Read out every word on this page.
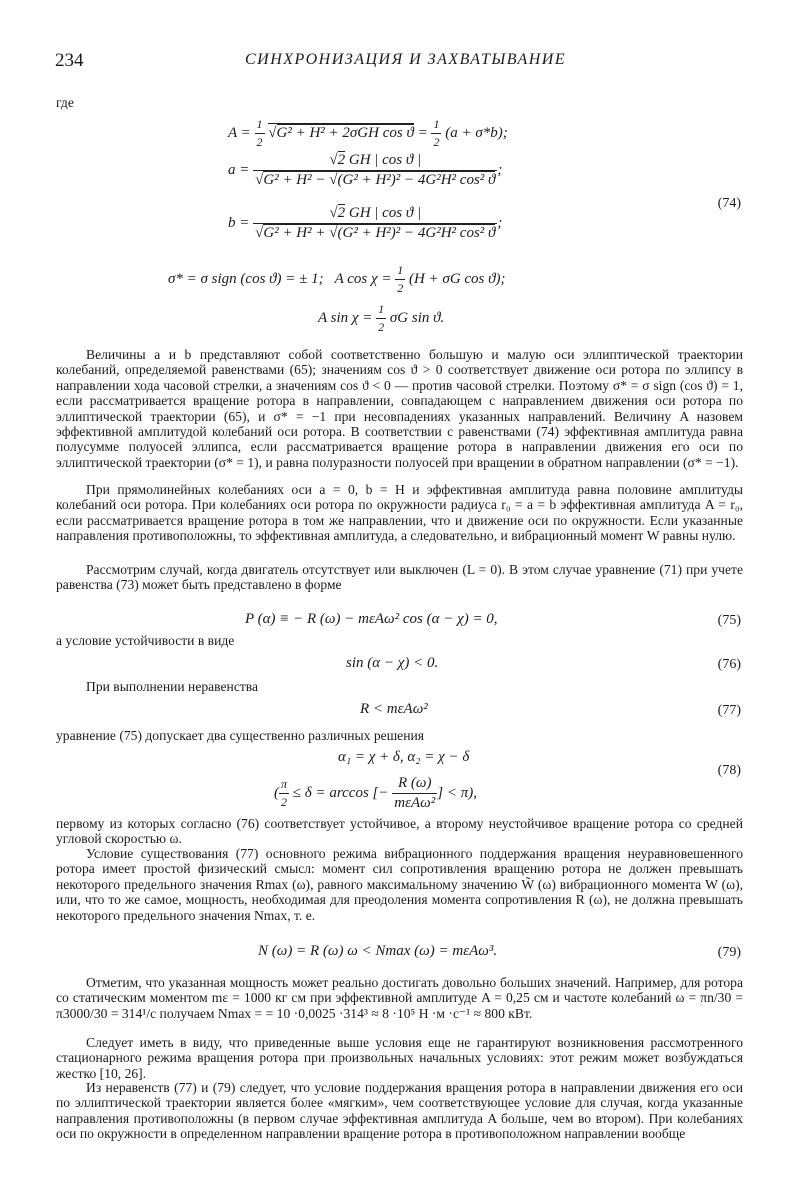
234	СИНХРОНИЗАЦИЯ И ЗАХВАТЫВАНИЕ
где
$A = \frac{1}{2} √G^2 + H^2 + 2\sigma GH$ $\cos ϑ = \frac{1}{2} (a + \sigma*b)$;
$a = \frac{\text{√2 GH | cos ϑ |}}{\text{√G² + H² − √(G² + H²)² − 4G²H² cos² ϑ}}$ ;
$b = \frac{\text{√2 GH | cos ϑ |}}{\text{√G² + H² + √(G² + H²)² − 4G²H² cos² ϑ}}$ ;
σ* = σ sign (cos ϑ) = ± 1;   A $\cos \chi = \frac{1}{2} (H + \sigma G$ cos ϑ);
A $\sin \chi = \frac{1}{2}$ σG sin ϑ.
(74)
Величины a и b представляют собой соответственно большую и малую оси эллиптической траектории колебаний, определяемой равенствами (65); значениям cos ϑ > 0 соответствует движение оси ротора по эллипсу в направлении хода часовой стрелки, а значениям cos ϑ < 0 — против часовой стрелки. Поэтому σ* = σ sign (cos ϑ) = 1, если рассматривается вращение ротора в направлении, совпадающем с направлением движения оси ротора по эллиптической траектории (65), и σ* = −1 при несовпадениях указанных направлений. Величину A назовем эффективной амплитудой колебаний оси ротора. В соответствии с равенствами (74) эффективная амплитуда равна полусумме полуосей эллипса, если рассматривается вращение ротора в направлении движения его оси по эллиптической траектории (σ* = 1), и равна полуразности полуосей при вращении в обратном направлении (σ* = −1).
При прямолинейных колебаниях оси a = 0, b = H и эффективная амплитуда равна половине амплитуды колебаний оси ротора. При колебаниях оси ротора по окружности радиуса r₀ = a = b эффективная амплитуда A = r₀, если рассматривается вращение ротора в том же направлении, что и движение оси по окружности. Если указанные направления противоположны, то эффективная амплитуда, а следовательно, и вибрационный момент W равны нулю.
Рассмотрим случай, когда двигатель отсутствует или выключен (L = 0). В этом случае уравнение (71) при учете равенства (73) может быть представлено в форме
P (α) ≡ − R (ω) − mεAω² cos (α − χ) = 0,	(75)
а условие устойчивости в виде
sin (α − χ) < 0.	(76)
При выполнении неравенства
R < mεAω²	(77)
уравнение (75) допускает два существенно различных решения
α₁ = χ + δ, α₂ = χ − δ
( $\frac{\pi}{2} \le \delta = \arccos$ [− $\frac{R (\omega)}{\text{mεAω²}}$ ] < π),
(78)
первому из которых согласно (76) соответствует устойчивое, а второму неустойчивое вращение ротора со средней угловой скоростью ω.
Условие существования (77) основного режима вибрационного поддержания вращения неуравновешенного ротора имеет простой физический смысл: момент сил сопротивления вращению ротора не должен превышать некоторого предельного значения Rmax (ω), равного максимальному значению W̃ (ω) вибрационного момента W (ω), или, что то же самое, мощность, необходимая для преодоления момента сопротивления R (ω), не должна превышать некоторого предельного значения Nmax, т. е.
N (ω) = R (ω) ω < Nmax (ω) = mεAω³.	(79)
Отметим, что указанная мощность может реально достигать довольно больших значений. Например, для ротора со статическим моментом mε = 1000 кг см при эффективной амплитуде A = 0,25 см и частоте колебаний ω = πn/30 = π3000/30 = 314¹/с получаем Nmax = = 10 ·0,0025 ·314³ ≈ 8 ·10⁵ Н ·м ·с⁻¹ ≈ 800 кВт.
Следует иметь в виду, что приведенные выше условия еще не гарантируют возникновения рассмотренного стационарного режима вращения ротора при произвольных начальных условиях: этот режим может возбуждаться жестко [10, 26].
Из неравенств (77) и (79) следует, что условие поддержания вращения ротора в направлении движения его оси по эллиптической траектории является более «мягким», чем соответствующее условие для случая, когда указанные направления противоположны (в первом случае эффективная амплитуда A больше, чем во втором). При колебаниях оси по окружности в определенном направлении вращение ротора в противоположном направлении вообще
